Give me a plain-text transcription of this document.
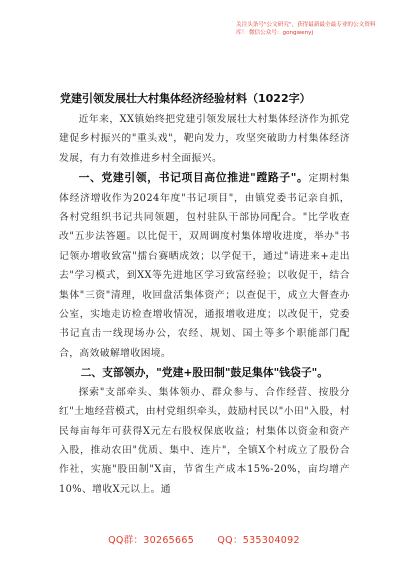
关注头条号"公文研究"，获得最新最全最专业的公文资料库！ 微信公众号：gongwenyj
党建引领发展壮大村集体经济经验材料（1022字）

近年来，XX镇始终把党建引领发展壮大村集体经济作为抓党建促乡村振兴的"重头戏"，靶向发力，攻坚突破助力村集体经济发展，有力有效推进乡村全面振兴。

一、党建引领，书记项目高位推进"蹚路子"。定期村集体经济增收作为2024年度"书记项目"，由镇党委书记亲自抓，各村党组织书记共同领题，包村驻队干部协同配合。"比学收查改"五步法答题。以比促干，双周调度村集体增收进度，举办"书记领办增收致富"擂台赛晒成效；以学促干，通过"请进来+走出去"学习模式，到XX等先进地区学习致富经验；以收促干，结合集体"三资"清理，收回盘活集体资产；以查促干，成立大督查办公室，实地走访检查增收情况，通报增收进度；以改促干，党委书记直击一线现场办公，农经、规划、国土等多个职能部门配合，高效破解增收困境。

二、支部领办，"党建+股田制"鼓足集体"钱袋子"。

探索"支部牵头、集体领办、群众参与、合作经营、按股分红"土地经营模式，由村党组织牵头，鼓励村民以"小田"入股，村民每亩每年可获得X元左右股权保底收益；村集体以资金和资产入股，推动农田"优质、集中、连片"，全镇X个村成立了股份合作社，实施"股田制"X亩，节省生产成本15%-20%，亩均增产10%、增收X元以上。通

QQ群：30265665 QQ：535304092
